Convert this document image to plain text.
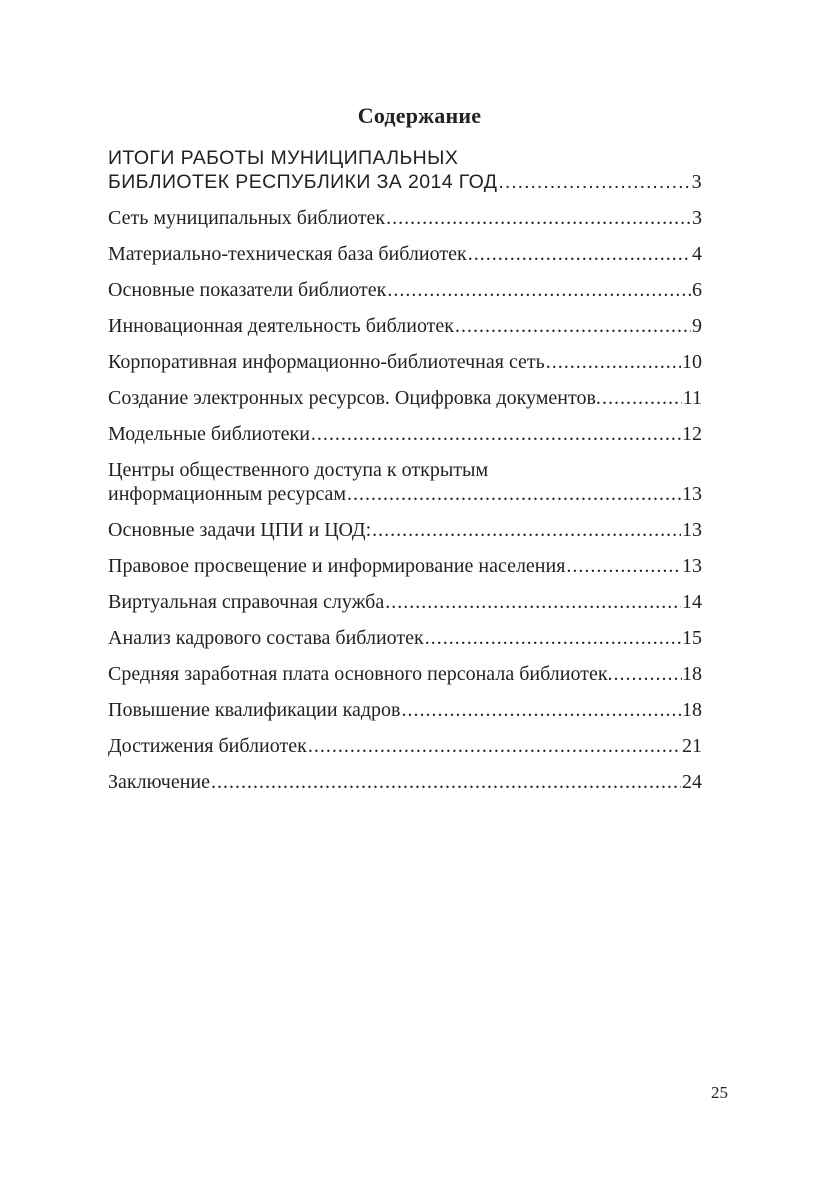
Содержание
ИТОГИ РАБОТЫ МУНИЦИПАЛЬНЫХ
БИБЛИОТЕК РЕСПУБЛИКИ ЗА 2014 ГОД .....	3
Сеть муниципальных библиотек .....	3
Материально-техническая база библиотек .....	4
Основные показатели библиотек .....	6
Инновационная деятельность библиотек .....	9
Корпоративная информационно-библиотечная сеть .....	10
Создание электронных ресурсов. Оцифровка документов. .....	11
Модельные библиотеки .....	12
Центры общественного доступа к открытым
информационным ресурсам .....	13
Основные задачи ЦПИ и ЦОД: .....	13
Правовое просвещение и информирование населения .....	13
Виртуальная справочная служба .....	14
Анализ кадрового состава библиотек .....	15
Средняя заработная плата основного персонала библиотек .....	18
Повышение квалификации кадров .....	18
Достижения библиотек .....	21
Заключение .....	24
25
